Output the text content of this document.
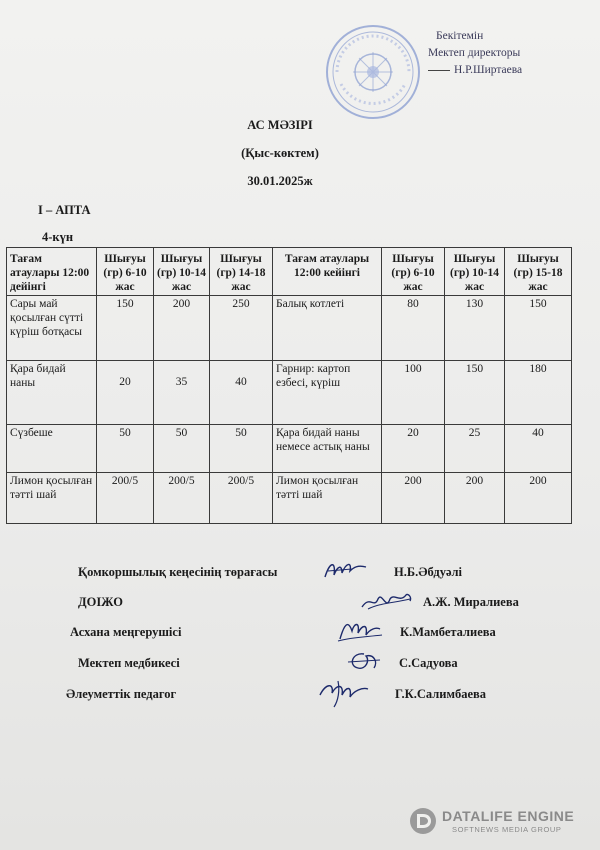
Бекітемін
Мектеп директоры
Н.Р.Ширтаева
АС МӘЗІРІ
(Қыс-көктем)
30.01.2025ж
І – АПТА
4-күн
Тағам атаулары 12:00 дейінгі	Шығуы (гр) 6-10 жас	Шығуы (гр) 10-14 жас	Шығуы (гр) 14-18 жас	Тағам атаулары 12:00 кейінгі	Шығуы (гр) 6-10 жас	Шығуы (гр) 10-14 жас	Шығуы (гр) 15-18 жас
Сары май қосылған сүтті күріш ботқасы	150	200	250	Балық котлеті	80	130	150
Қара бидай наны	20	35	40	Гарнир: картоп езбесі, күріш	100	150	180
Сүзбеше	50	50	50	Қара бидай наны немесе астық наны	20	25	40
Лимон қосылған тәтті шай	200/5	200/5	200/5	Лимон қосылған тәтті шай	200	200	200
Қомкоршылық кеңесінің төрағасы	Н.Б.Әбдуәлі
ДОІЖО	А.Ж. Миралиева
Асхана меңгерушісі	К.Мамбеталиева
Мектеп медбикесі	С.Садуова
Әлеуметтік педагог	Г.К.Салимбаева
DATALIFE ENGINE
SOFTNEWS MEDIA GROUP
